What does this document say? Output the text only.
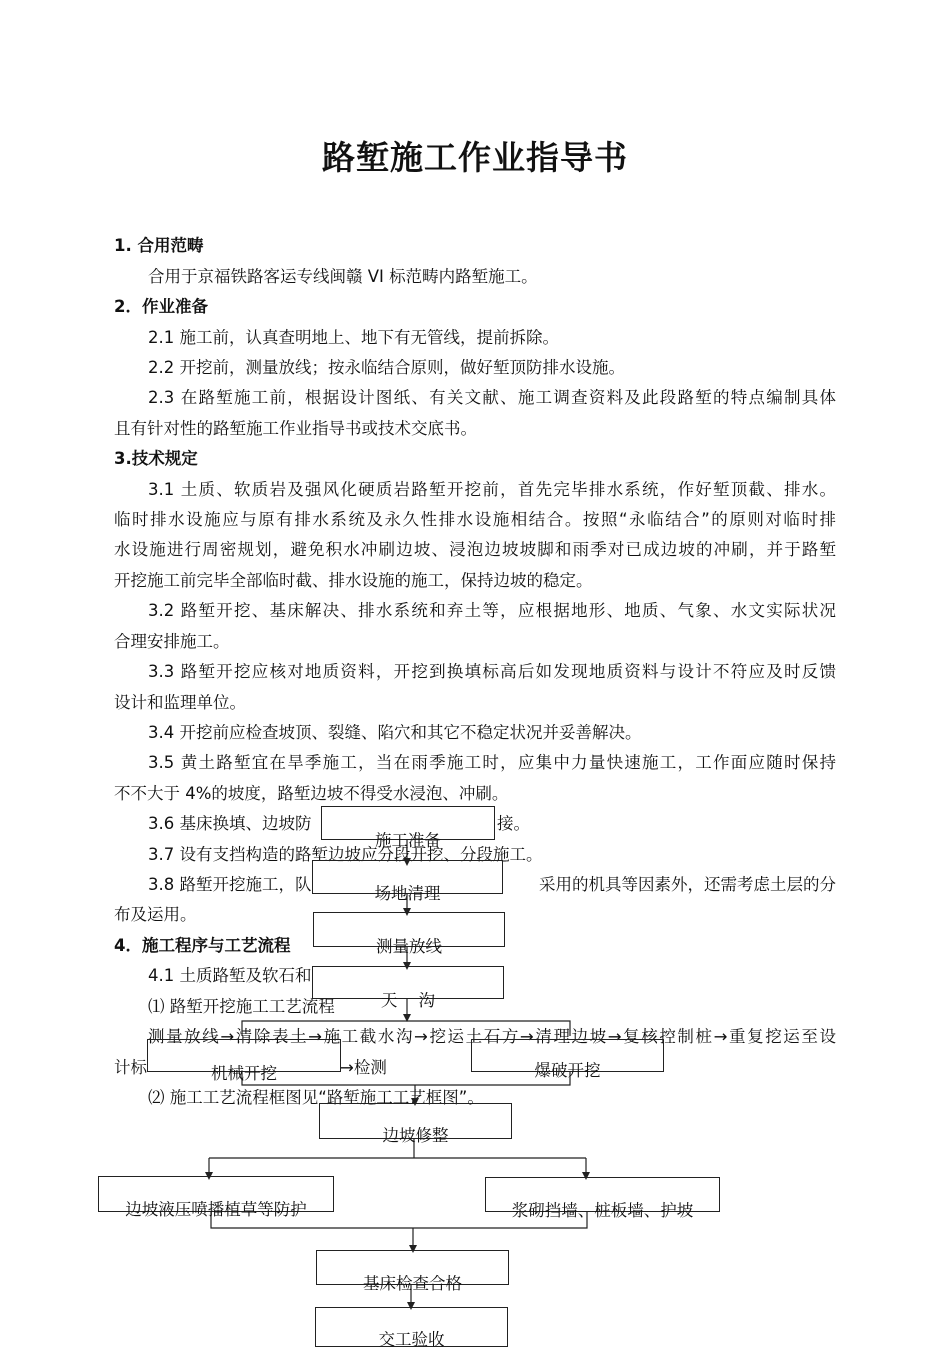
路堑施工作业指导书

1. 合用范畴

合用于京福铁路客运专线闽赣 VI 标范畴内路堑施工。

2．作业准备

2.1 施工前，认真查明地上、地下有无管线，提前拆除。

2.2 开挖前，测量放线；按永临结合原则，做好堑顶防排水设施。

2.3 在路堑施工前，根据设计图纸、有关文献、施工调查资料及此段路堑的特点编制具体

且有针对性的路堑施工作业指导书或技术交底书。

3.技术规定

3.1 土质、软质岩及强风化硬质岩路堑开挖前，首先完毕排水系统，作好堑顶截、排水。

临时排水设施应与原有排水系统及永久性排水设施相结合。按照“永临结合”的原则对临时排

水设施进行周密规划，避免积水冲刷边坡、浸泡边坡坡脚和雨季对已成边坡的冲刷，并于路堑

开挖施工前完毕全部临时截、排水设施的施工，保持边坡的稳定。

3.2 路堑开挖、基床解决、排水系统和弃土等，应根据地形、地质、气象、水文实际状况

合理安排施工。

3.3 路堑开挖应核对地质资料，开挖到换填标高后如发现地质资料与设计不符应及时反馈

设计和监理单位。

3.4 开挖前应检查坡顶、裂缝、陷穴和其它不稳定状况并妥善解决。

3.5 黄土路堑宜在旱季施工，当在雨季施工时，应集中力量快速施工，工作面应随时保持

不不大于 4%的坡度，路堑边坡不得受水浸泡、冲刷。

3.6 基床换填、边坡防	接。

3.7 设有支挡构造的路堑边坡应分段开挖、分段施工。

3.8 路堑开挖施工，队	采用的机具等因素外，还需考虑土层的分

布及运用。

4．施工程序与工艺流程

4.1 土质路堑及软石和

⑴ 路堑开挖施工工艺流程

测量放线→清除表土→施工截水沟→挖运土石方→清理边坡→复核控制桩→重复挖运至设

计标	→检测

⑵ 施工工艺流程框图见“路堑施工工艺框图”。

施工准备
场地清理
测量放线
天    沟
机械开挖	爆破开挖
边坡修整
边坡液压喷播植草等防护	浆砌挡墙、桩板墙、护坡
基床检查合格
交工验收
